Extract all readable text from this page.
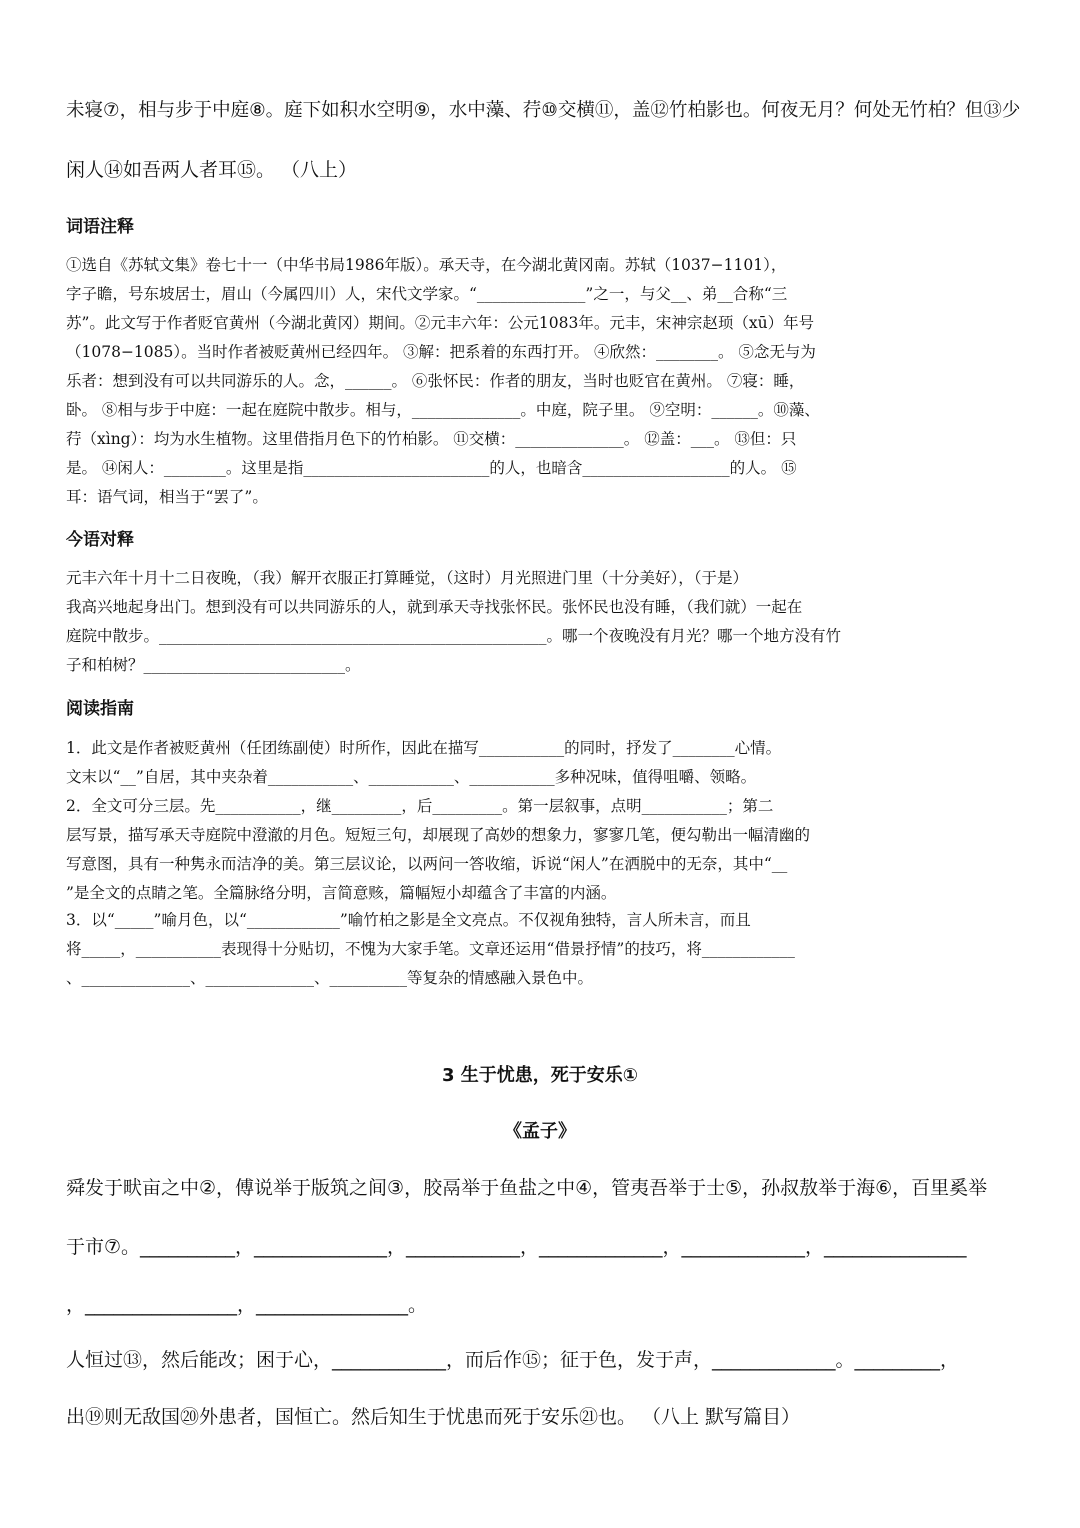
未寝⑦，相与步于中庭⑧。庭下如积水空明⑨，水中藻、荇⑩交横⑪，盖⑫竹柏影也。何夜无月？何处无竹柏？但⑬少
闲人⑭如吾两人者耳⑮。 （八上）
词语注释
①选自《苏轼文集》卷七十一（中华书局1986年版）。承天寺，在今湖北黄冈南。苏轼（1037−1101），
字子瞻，号东坡居士，眉山（今属四川）人，宋代文学家。“______________”之一，与父__、弟__合称“三
苏”。此文写于作者贬官黄州（今湖北黄冈）期间。②元丰六年：公元1083年。元丰，宋神宗赵顼（xū）年号
（1078−1085）。当时作者被贬黄州已经四年。 ③解：把系着的东西打开。 ④欣然：________。 ⑤念无与为
乐者：想到没有可以共同游乐的人。念，______。 ⑥张怀民：作者的朋友，当时也贬官在黄州。 ⑦寝：睡，
卧。 ⑧相与步于中庭：一起在庭院中散步。相与，______________。中庭，院子里。 ⑨空明：______。⑩藻、
荇（xìng）：均为水生植物。这里借指月色下的竹柏影。 ⑪交横：______________。 ⑫盖：___。 ⑬但：只
是。 ⑭闲人：________。这里是指________________________的人，也暗含___________________的人。 ⑮
耳：语气词，相当于“罢了”。
今语对释
元丰六年十月十二日夜晚，（我）解开衣服正打算睡觉，（这时）月光照进门里（十分美好），（于是）
我高兴地起身出门。想到没有可以共同游乐的人，就到承天寺找张怀民。张怀民也没有睡，（我们就）一起在
庭院中散步。__________________________________________________。哪一个夜晚没有月光？哪一个地方没有竹
子和柏树？__________________________。
阅读指南
1．此文是作者被贬黄州（任团练副使）时所作，因此在描写___________的同时，抒发了________心情。
文末以“__”自居，其中夹杂着___________、___________、___________多种况味，值得咀嚼、领略。
2．全文可分三层。先___________，继_________，后_________。第一层叙事，点明___________；第二
层写景，描写承天寺庭院中澄澈的月色。短短三句，却展现了高妙的想象力，寥寥几笔，便勾勒出一幅清幽的
写意图，具有一种隽永而洁净的美。第三层议论，以两问一答收缩，诉说“闲人”在洒脱中的无奈，其中“__
”是全文的点睛之笔。全篇脉络分明，言简意赅，篇幅短小却蕴含了丰富的内涵。
3．以“_____”喻月色，以“____________”喻竹柏之影是全文亮点。不仅视角独特，言人所未言，而且
将_____，___________表现得十分贴切，不愧为大家手笔。文章还运用“借景抒情”的技巧，将____________
、______________、______________、__________等复杂的情感融入景色中。
3 生于忧患，死于安乐①
《孟子》
舜发于畎亩之中②，傅说举于版筑之间③，胶鬲举于鱼盐之中④，管夷吾举于士⑤，孙叔敖举于海⑥，百里奚举
于市⑦。__________，______________，____________，_____________，_____________，_______________
，________________，________________。
人恒过⑬，然后能改；困于心，____________，而后作⑮；征于色，发于声，_____________。_________，
出⑲则无敌国⑳外患者，国恒亡。然后知生于忧患而死于安乐㉑也。 （八上 默写篇目）
